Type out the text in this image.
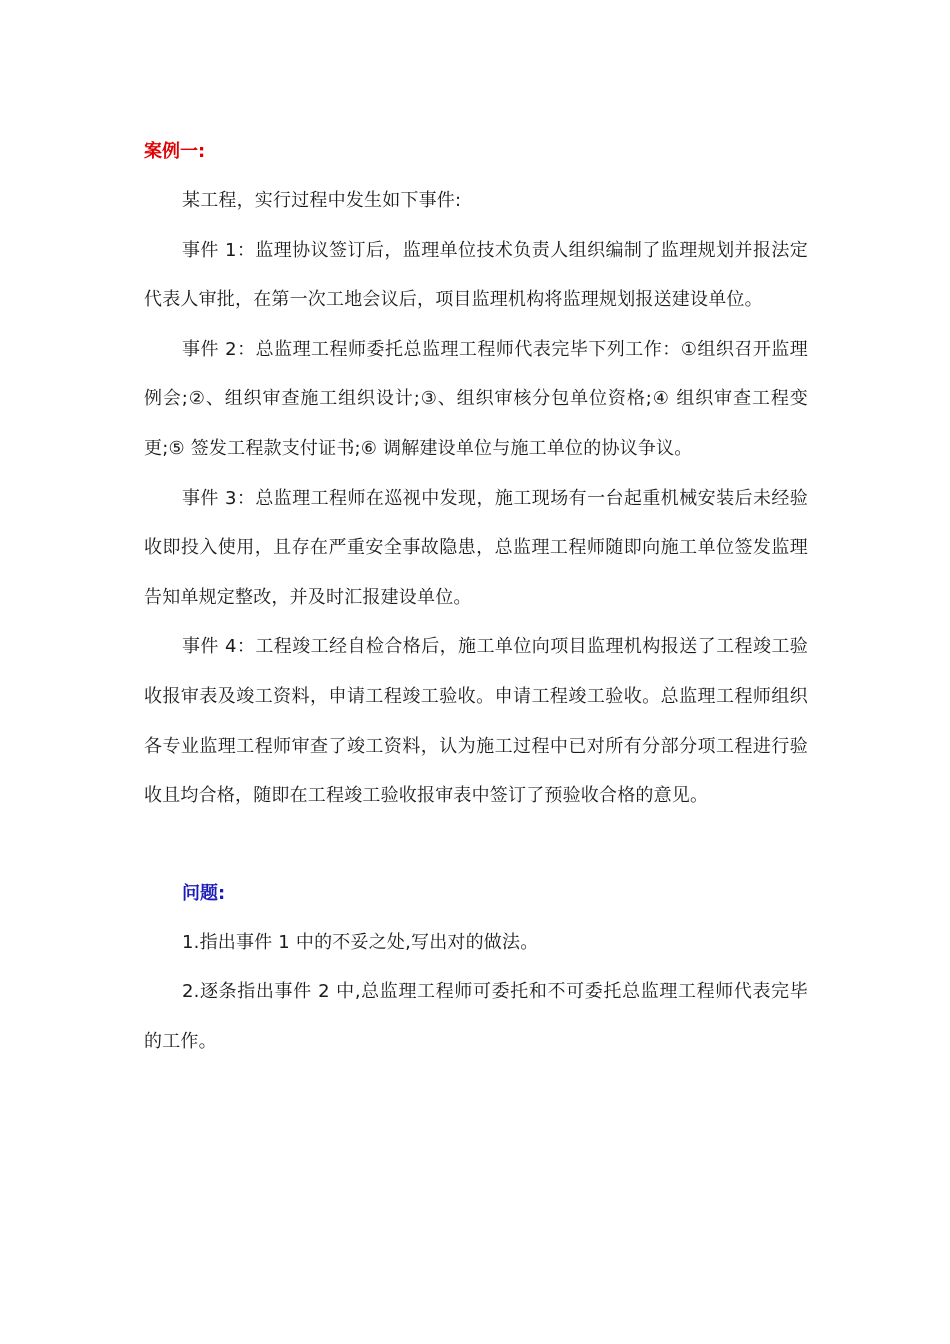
案例一:

某工程，实行过程中发生如下事件:

事件 1：监理协议签订后，监理单位技术负责人组织编制了监理规划并报法定代表人审批，在第一次工地会议后，项目监理机构将监理规划报送建设单位。

事件 2：总监理工程师委托总监理工程师代表完毕下列工作：①组织召开监理例会;②、组织审查施工组织设计;③、组织审核分包单位资格;④ 组织审查工程变更;⑤ 签发工程款支付证书;⑥ 调解建设单位与施工单位的协议争议。

事件 3：总监理工程师在巡视中发现，施工现场有一台起重机械安装后未经验收即投入使用，且存在严重安全事故隐患，总监理工程师随即向施工单位签发监理告知单规定整改，并及时汇报建设单位。

事件 4：工程竣工经自检合格后，施工单位向项目监理机构报送了工程竣工验收报审表及竣工资料，申请工程竣工验收。申请工程竣工验收。总监理工程师组织各专业监理工程师审查了竣工资料，认为施工过程中已对所有分部分项工程进行验收且均合格，随即在工程竣工验收报审表中签订了预验收合格的意见。

问题:

1.指出事件 1 中的不妥之处,写出对的做法。

2.逐条指出事件 2 中,总监理工程师可委托和不可委托总监理工程师代表完毕的工作。
